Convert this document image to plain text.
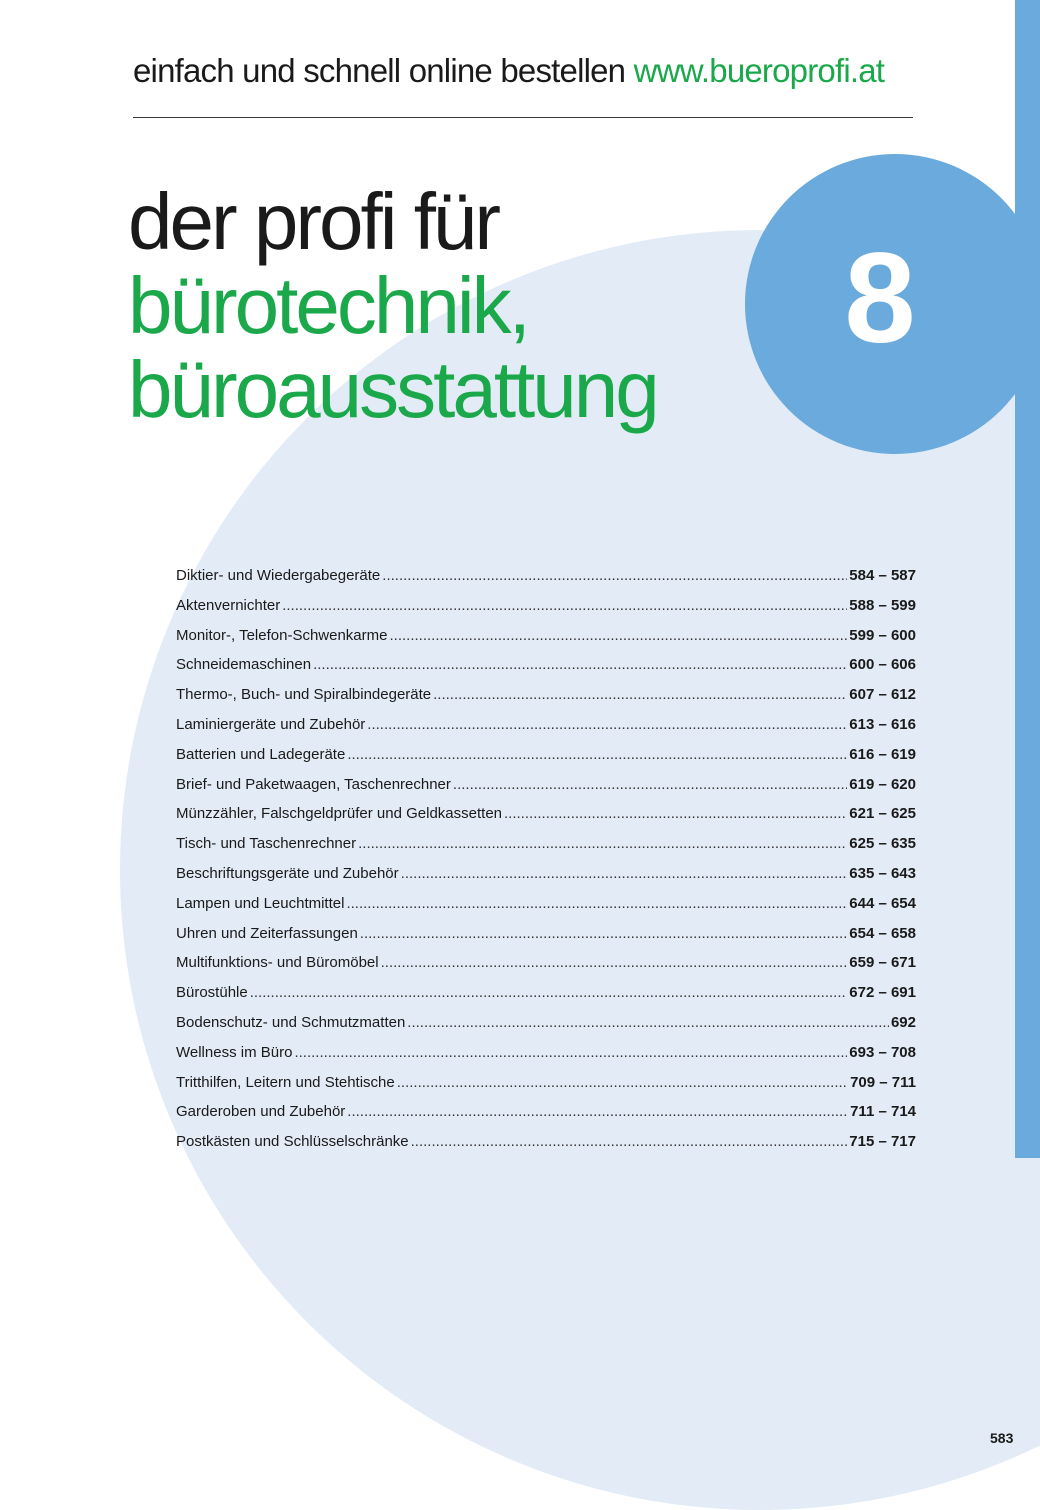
einfach und schnell online bestellen www.bueroprofi.at
8
der profi für
bürotechnik,
büroausstattung
Diktier- und Wiedergabegeräte .....	584 – 587
Aktenvernichter .....	588 – 599
Monitor-, Telefon-Schwenkarme .....	599 – 600
Schneidemaschinen .....	600 – 606
Thermo-, Buch- und Spiralbindegeräte .....	607 – 612
Laminiergeräte und Zubehör .....	613 – 616
Batterien und Ladegeräte .....	616 – 619
Brief- und Paketwaagen, Taschenrechner .....	619 – 620
Münzzähler, Falschgeldprüfer und Geldkassetten .....	621 – 625
Tisch- und Taschenrechner .....	625 – 635
Beschriftungsgeräte und Zubehör .....	635 – 643
Lampen und Leuchtmittel .....	644 – 654
Uhren und Zeiterfassungen .....	654 – 658
Multifunktions- und Büromöbel .....	659 – 671
Bürostühle .....	672 – 691
Bodenschutz- und Schmutzmatten .....	692
Wellness im Büro .....	693 – 708
Tritthilfen, Leitern und Stehtische .....	709 – 711
Garderoben und Zubehör .....	711 – 714
Postkästen und Schlüsselschränke .....	715 – 717
583
